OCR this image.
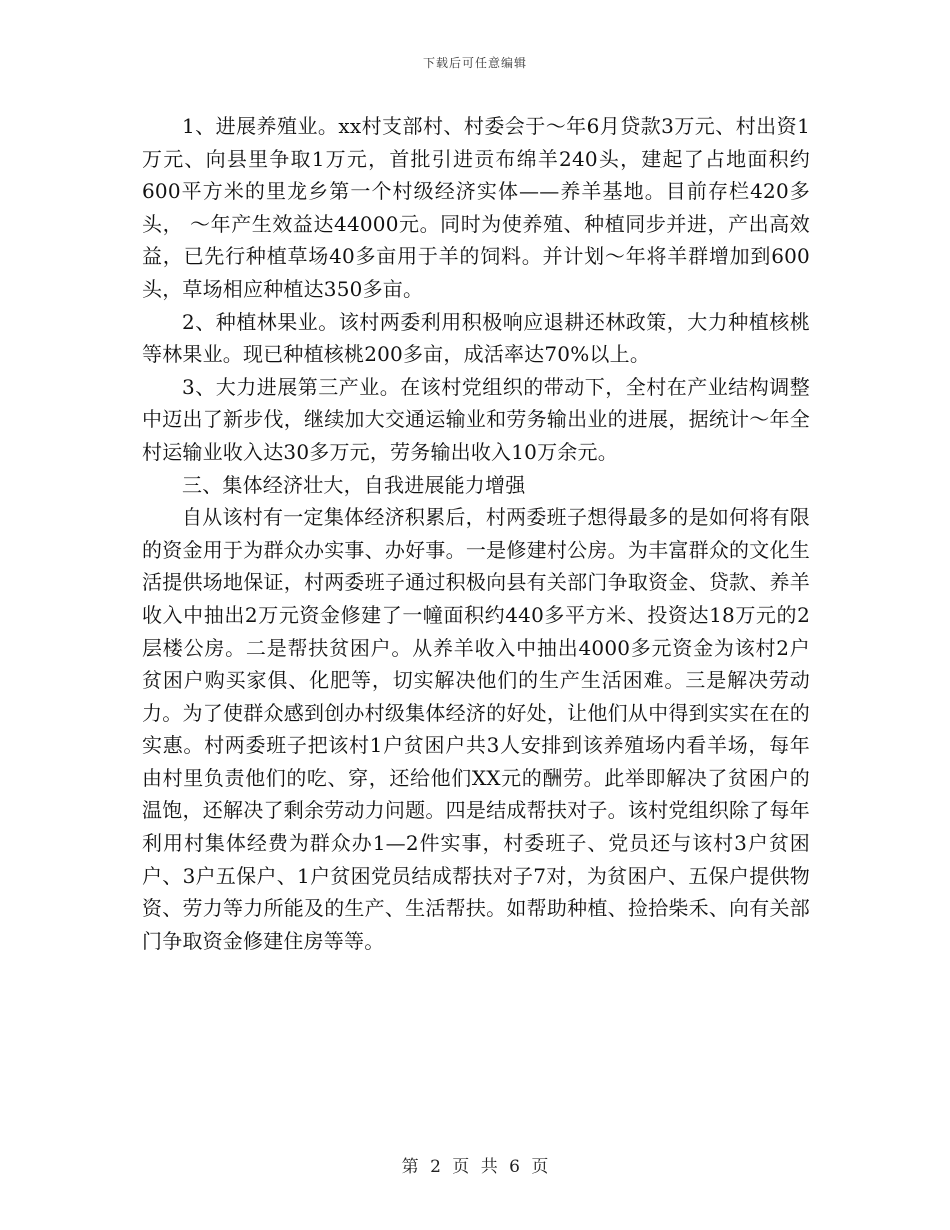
下载后可任意编辑

1、进展养殖业。xx村支部村、村委会于～年6月贷款3万元、村出资1万元、向县里争取1万元，首批引进贡布绵羊240头，建起了占地面积约600平方米的里龙乡第一个村级经济实体——养羊基地。目前存栏420多头， ～年产生效益达44000元。同时为使养殖、种植同步并进，产出高效益，已先行种植草场40多亩用于羊的饲料。并计划～年将羊群增加到600头，草场相应种植达350多亩。

2、种植林果业。该村两委利用积极响应退耕还林政策，大力种植核桃等林果业。现已种植核桃200多亩，成活率达70%以上。

3、大力进展第三产业。在该村党组织的带动下，全村在产业结构调整中迈出了新步伐，继续加大交通运输业和劳务输出业的进展，据统计～年全村运输业收入达30多万元，劳务输出收入10万余元。

三、集体经济壮大，自我进展能力增强

自从该村有一定集体经济积累后，村两委班子想得最多的是如何将有限的资金用于为群众办实事、办好事。一是修建村公房。为丰富群众的文化生活提供场地保证，村两委班子通过积极向县有关部门争取资金、贷款、养羊收入中抽出2万元资金修建了一幢面积约440多平方米、投资达18万元的2层楼公房。二是帮扶贫困户。从养羊收入中抽出4000多元资金为该村2户贫困户购买家俱、化肥等，切实解决他们的生产生活困难。三是解决劳动力。为了使群众感到创办村级集体经济的好处，让他们从中得到实实在在的实惠。村两委班子把该村1户贫困户共3人安排到该养殖场内看羊场，每年由村里负责他们的吃、穿，还给他们XX元的酬劳。此举即解决了贫困户的温饱，还解决了剩余劳动力问题。四是结成帮扶对子。该村党组织除了每年利用村集体经费为群众办1—2件实事，村委班子、党员还与该村3户贫困户、3户五保户、1户贫困党员结成帮扶对子7对，为贫困户、五保户提供物资、劳力等力所能及的生产、生活帮扶。如帮助种植、捡拾柴禾、向有关部门争取资金修建住房等等。

第 2 页 共 6 页
